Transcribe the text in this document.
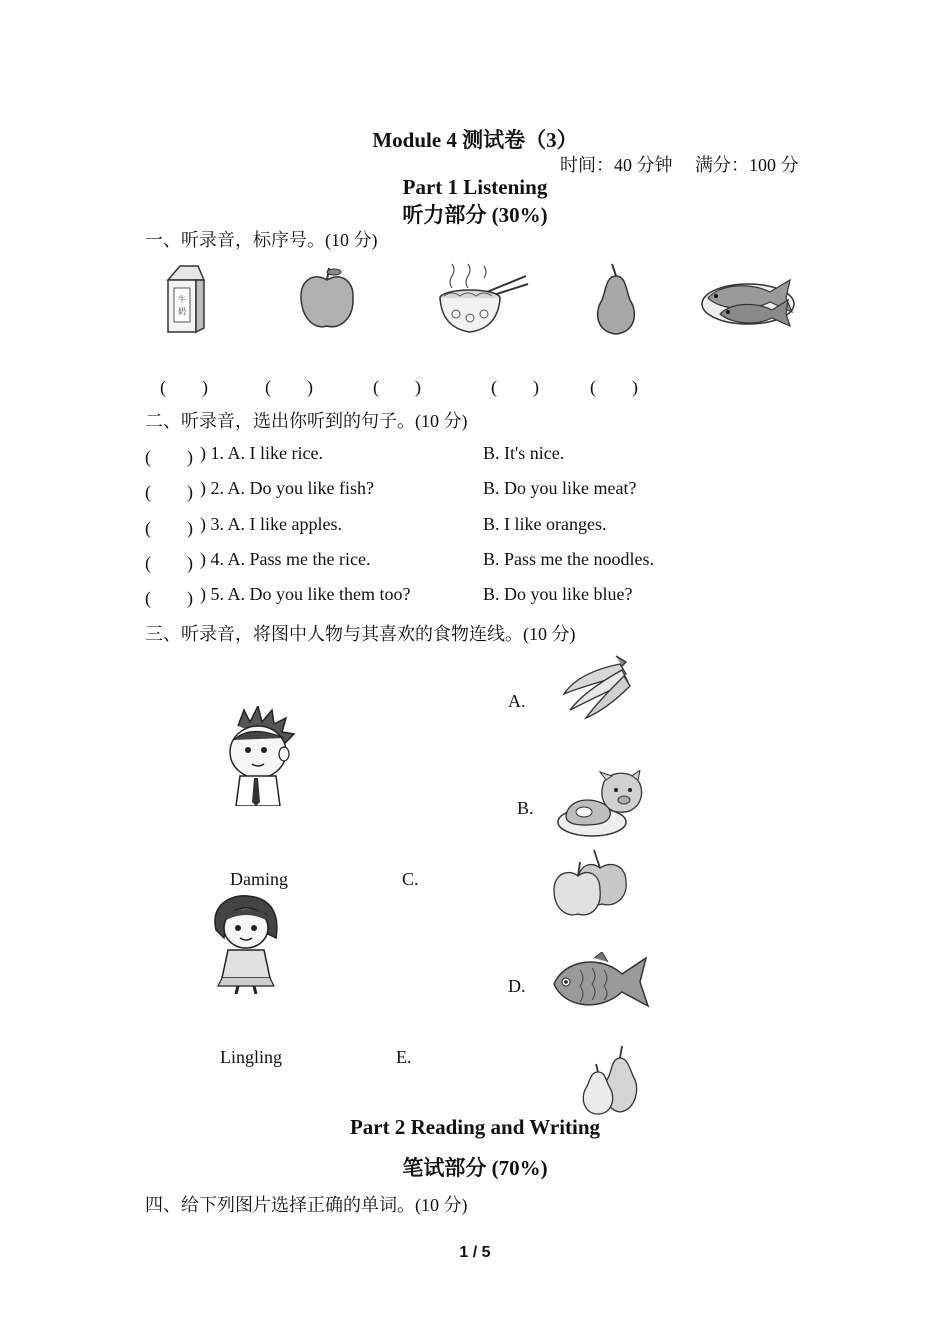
Module 4 测试卷（3）
时间：40 分钟　 满分：100 分
Part 1 Listening
听力部分 (30%)
一、听录音，标序号。(10 分)
牛
奶
(　　)	(　　)	(　　)	(　　)	(　　)
二、听录音，选出你听到的句子。(10 分)
(　　) ) 1. A. I like rice.	B. It's nice.
(　　) ) 2. A. Do you like fish?	B. Do you like meat?
(　　) ) 3. A. I like apples.	B. I like oranges.
(　　) ) 4. A. Pass me the rice.	B. Pass me the noodles.
(　　) ) 5. A. Do you like them too?	B. Do you like blue?
三、听录音，将图中人物与其喜欢的食物连线。(10 分)
Daming
Lingling
A.
B.
C.
D.
E.
Part 2 Reading and Writing
笔试部分 (70%)
四、给下列图片选择正确的单词。(10 分)
1 / 5
